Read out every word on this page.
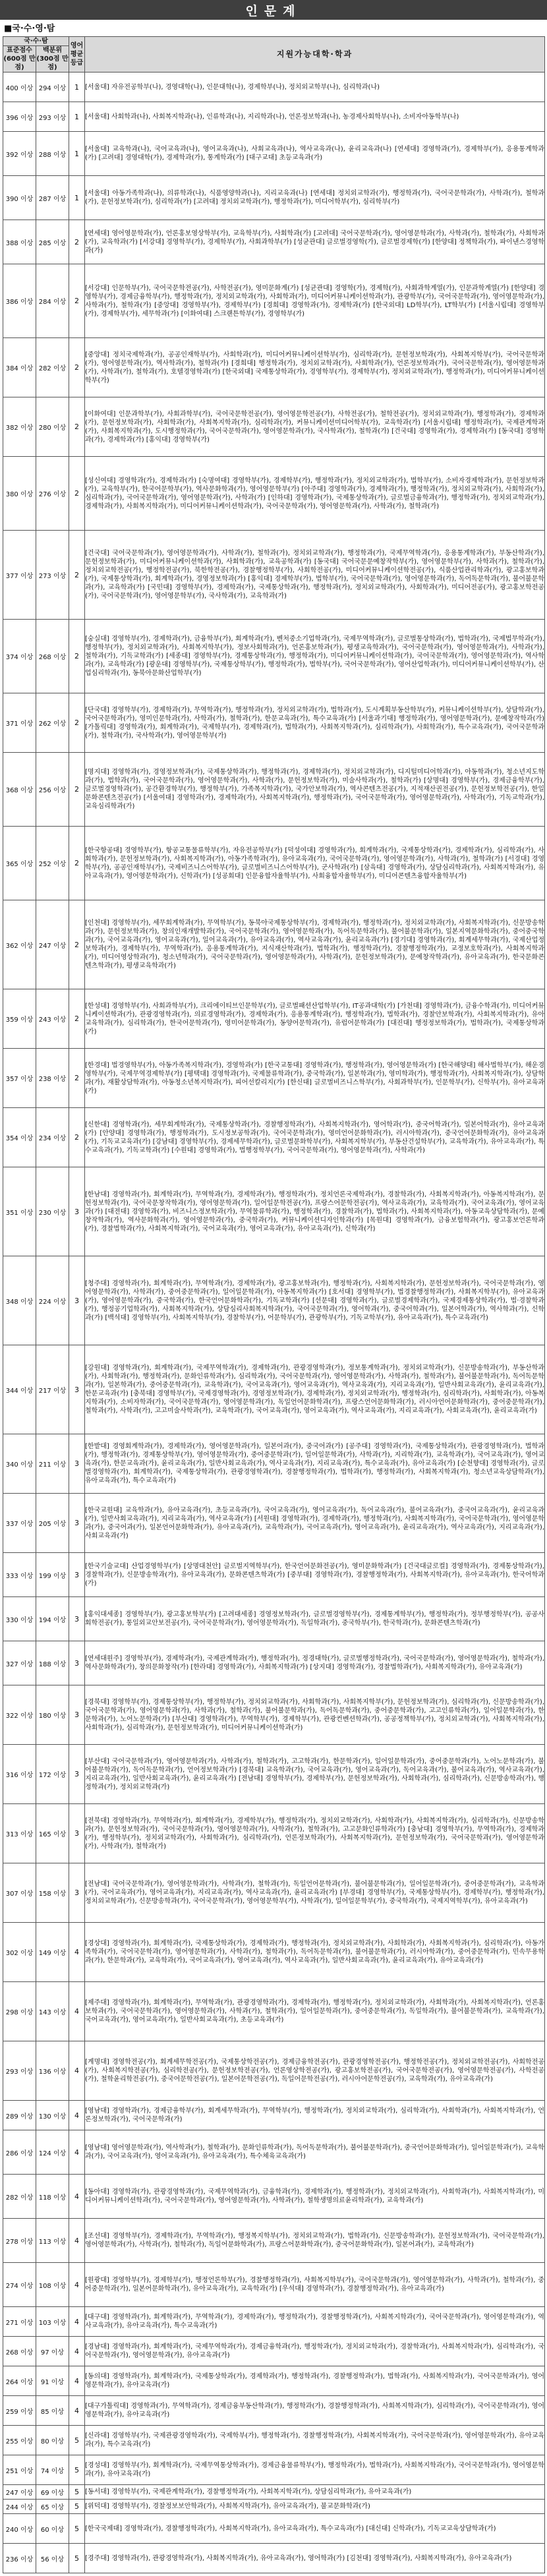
인문계
■국·수·영·탐
국·수·탐		영어
평균
등급	지원가능대학·학과

표준점수
(600점 만점)	백분위
(300점 만점)		

400 이상	294 이상	1	[서울대] 자유전공학부(나), 경영대학(나), 인문대학(나), 경제학부(나), 정치외교학부(나), 심리학과(나)
396 이상	293 이상	1	[서울대] 사회학과(나), 사회복지학과(나), 인류학과(나), 지리학과(나), 언론정보학과(나), 농경제사회학부(나), 소비자아동학부(나)
392 이상	288 이상	1	[서울대] 교육학과(나), 국어교육과(나), 영어교육과(나), 사회교육과(나), 역사교육과(나), 윤리교육과(나) [연세대] 경영학과(가), 경제학부(가), 응용통계학과(가) [고려대] 경영대학(가), 경제학과(가), 통계학과(가) [대구교대] 초등교육과(가)
390 이상	287 이상	1	[서울대] 아동가족학과(나), 의류학과(나), 식품영양학과(나), 지리교육과(나) [연세대] 정치외교학과(가), 행정학과(가), 국어국문학과(가), 사학과(가), 철학과(가), 문헌정보학과(가), 심리학과(가) [고려대] 정치외교학과(가), 행정학과(가), 미디어학부(가), 심리학부(가)
388 이상	285 이상	2	[연세대] 영어영문학과(가), 언론홍보영상학부(가), 교육학부(가), 사회학과(가) [고려대] 국어국문학과(가), 영어영문학과(가), 사학과(가), 철학과(가), 사회학과(가), 교육학과(가) [서강대] 경영학부(가), 경제학부(가), 사회과학부(가) [성균관대] 글로벌경영학(가), 글로벌경제학(가) [한양대] 정책학과(가), 파이낸스경영학과(가)
386 이상	284 이상	2	[서강대] 인문학부(가), 국어국문학전공(가), 사학전공(가), 영미문화계(가) [성균관대] 경영학(가), 경제학(가), 사회과학계열(가), 인문과학계열(가) [한양대] 경영학부(가), 경제금융학부(가), 행정학과(가), 정치외교학과(가), 사회학과(가), 미디어커뮤니케이션학과(가), 관광학부(가), 국어국문학과(가), 영어영문학과(가), 사학과(가), 철학과(가) [중앙대] 경영학부(가), 경제학부(가) [경희대] 경영학과(가), 경제학과(가) [한국외대] LD학부(가), LT학부(가) [서울시립대] 경영학부(가), 경제학부(가), 세무학과(가) [이화여대] 스크랜튼학부(가), 경영학부(가)
384 이상	282 이상	2	[중앙대] 정치국제학과(가), 공공인재학부(가), 사회학과(가), 미디어커뮤니케이션학부(가), 심리학과(가), 문헌정보학과(가), 사회복지학부(가), 국어국문학과(가), 영어영문학과(가), 역사학과(가), 철학과(가) [경희대] 행정학과(가), 정치외교학과(가), 사회학과(가), 언론정보학과(가), 국어국문학과(가), 영어영문학과(가), 사학과(가), 철학과(가), 호텔경영학과(가) [한국외대] 국제통상학과(가), 경영학부(가), 경제학부(가), 정치외교학과(가), 행정학과(가), 미디어커뮤니케이션학부(가)
382 이상	280 이상	2	[이화여대] 인문과학부(가), 사회과학부(가), 국어국문학전공(가), 영어영문학전공(가), 사학전공(가), 철학전공(가), 정치외교학과(가), 행정학과(가), 경제학과(가), 문헌정보학과(가), 사회학과(가), 사회복지학과(가), 심리학과(가), 커뮤니케이션미디어학부(가), 교육학과(가) [서울시립대] 행정학과(가), 국제관계학과(가), 사회복지학과(가), 도시행정학과(가), 국어국문학과(가), 영어영문학과(가), 국사학과(가), 철학과(가) [건국대] 경영학과(가), 경제학과(가) [동국대] 경영학과(가), 경제학과(가) [홍익대] 경영학부(가)
380 이상	276 이상	2	[성신여대] 경영학과(가), 경제학과(가) [숙명여대] 경영학부(가), 경제학부(가), 행정학과(가), 정치외교학과(가), 법학부(가), 소비자경제학과(가), 문헌정보학과(가), 교육학부(가), 한국어문학부(가), 역사문화학과(가), 영어영문학부(가) [아주대] 경영학과(가), 경제학과(가), 행정학과(가), 정치외교학과(가), 사회학과(가), 심리학과(가), 국어국문학과(가), 영어영문학과(가), 사학과(가) [인하대] 경영학과(가), 국제통상학과(가), 글로벌금융학과(가), 행정학과(가), 정치외교학과(가), 경제학과(가), 사회복지학과(가), 미디어커뮤니케이션학과(가), 국어국문학과(가), 영어영문학과(가), 사학과(가), 철학과(가)
377 이상	273 이상	2	[건국대] 국어국문학과(가), 영어영문학과(가), 사학과(가), 철학과(가), 정치외교학과(가), 행정학과(가), 국제무역학과(가), 응용통계학과(가), 부동산학과(가), 문헌정보학과(가), 미디어커뮤니케이션학과(가), 사회학과(가), 교육공학과(가) [동국대] 국어국문문예창작학부(가), 영어영문학부(가), 사학과(가), 철학과(가), 정치외교학전공(가), 행정학전공(가), 북한학전공(가), 경찰행정학부(가), 사회학전공(가), 미디어커뮤니케이션학전공(가), 식품산업관리학과(가), 광고홍보학과(가), 국제통상학과(가), 회계학과(가), 경영정보학과(가) [홍익대] 경제학부(가), 법학부(가), 국어국문학과(가), 영어영문학과(가), 독어독문학과(가), 불어불문학과(가), 교육학과(가) [국민대] 경영학부(가), 경제학과(가), 국제통상학과(가), 행정학과(가), 정치외교학과(가), 사회학과(가), 미디어전공(가), 광고홍보학전공(가), 국어국문학과(가), 영어영문학부(가), 국사학과(가), 교육학과(가)
374 이상	268 이상	2	[숭실대] 경영학부(가), 경제학과(가), 금융학부(가), 회계학과(가), 벤처중소기업학과(가), 국제무역학과(가), 글로벌통상학과(가), 법학과(가), 국제법무학과(가), 행정학부(가), 정치외교학과(가), 사회복지학부(가), 정보사회학과(가), 언론홍보학과(가), 평생교육학과(가), 국어국문학과(가), 영어영문학과(가), 사학과(가), 철학과(가), 기독교학과(가) [세종대] 경영학부(가), 경제통상학과(가), 행정학과(가), 미디어커뮤니케이션학과(가), 국어국문학과(가), 영어영문학과(가), 역사학과(가), 교육학과(가) [광운대] 경영학부(가), 국제통상학부(가), 행정학과(가), 법학부(가), 국어국문학과(가), 영어산업학과(가), 미디어커뮤니케이션학부(가), 산업심리학과(가), 동북아문화산업학부(가)
371 이상	262 이상	2	[단국대] 경영학부(가), 경제학과(가), 무역학과(가), 행정학과(가), 정치외교학과(가), 법학과(가), 도시계획부동산학부(가), 커뮤니케이션학부(가), 상담학과(가), 국어국문학과(가), 영미인문학과(가), 사학과(가), 철학과(가), 한문교육과(가), 특수교육과(가) [서울과기대] 행정학과(가), 영어영문학과(가), 문예창작학과(가) [가톨릭대] 경영학과(가), 회계학과(가), 국제학부(가), 경제학과(가), 법학과(가), 사회복지학과(가), 심리학과(가), 사회학과(가), 특수교육과(가), 국어국문학과(가), 철학과(가), 국사학과(가), 영어영문학부(가)
368 이상	256 이상	2	[명지대] 경영학과(가), 경영정보학과(가), 국제통상학과(가), 행정학과(가), 경제학과(가), 정치외교학과(가), 디지털미디어학과(가), 아동학과(가), 청소년지도학과(가), 법학과(가), 국어국문학과(가), 영어영문학과(가), 사학과(가), 문헌정보학과(가), 미술사학과(가), 철학과(가) [상명대] 경영학부(가), 경제금융학부(가), 글로벌경영학과(가), 공간환경학부(가), 행정학부(가), 가족복지학과(가), 국가안보학과(가), 역사콘텐츠전공(가), 지적재산권전공(가), 문헌정보학전공(가), 한일문화콘텐츠전공(가) [서울여대] 경영학과(가), 경제학과(가), 사회복지학과(가), 행정학과(가), 국어국문학과(가), 영어영문학과(가), 사학과(가), 기독교학과(가), 교육심리학과(가)
365 이상	252 이상	2	[한국항공대] 경영학부(가), 항공교통물류학부(가), 자유전공학부(가) [덕성여대] 경영학과(가), 회계학과(가), 국제통상학과(가), 경제학과(가), 심리학과(가), 사회학과(가), 문헌정보학과(가), 사회복지학과(가), 아동가족학과(가), 유아교육과(가), 국어국문학과(가), 영어영문학과(가), 사학과(가), 철학과(가) [서경대] 경영학부(가), 공공인재학부(가), 국제비즈니스어학부(가), 글로벌비즈니스어학부(가), 군사학과(가) [삼육대] 경영학과(가), 상담심리학과(가), 사회복지학과(가), 유아교육과(가), 영어영문학과(가), 신학과(가) [성공회대] 인문융합자율학부(가), 사회융합자율학부(가), 미디어콘텐츠융합자율학부(가)
362 이상	247 이상	2	[인천대] 경영학부(가), 세무회계학과(가), 무역학부(가), 동북아국제통상학부(가), 경제학과(가), 행정학과(가), 정치외교학과(가), 사회복지학과(가), 신문방송학과(가), 문헌정보학과(가), 창의인재개발학과(가), 국어국문학과(가), 영어영문학과(가), 독어독문학과(가), 불어불문학과(가), 일본지역문화학과(가), 중어중국학과(가), 국어교육과(가), 영어교육과(가), 일어교육과(가), 유아교육과(가), 역사교육과(가), 윤리교육과(가) [경기대] 경영학과(가), 회계세무학과(가), 국제산업정보학과(가), 경제학부(가), 무역학과(가), 응용통계학과(가), 지식재산학과(가), 법학과(가), 행정학과(가), 경찰행정학과(가), 교정보호학과(가), 사회복지학과(가), 미디어영상학과(가), 청소년학과(가), 국어국문학과(가), 영어영문학과(가), 사학과(가), 문헌정보학과(가), 문예창작학과(가), 유아교육과(가), 한국문화콘텐츠학과(가), 평생교육학과(가)
359 이상	243 이상	2	[한성대] 경영학부(가), 사회과학부(가), 크리에이티브인문학부(가), 글로벌패션산업학부(가), IT공과대학(가) [가천대] 경영학과(가), 금융수학과(가), 미디어커뮤니케이션학과(가), 관광경영학과(가), 의료경영학과(가), 경제학과(가), 응용통계학과(가), 행정학과(가), 법학과(가), 경찰안보학과(가), 사회복지학과(가), 유아교육학과(가), 심리학과(가), 한국어문학과(가), 영미어문학과(가), 동양어문학과(가), 유럽어문학과(가) [대진대] 행정정보학과(가), 법학과(가), 국제통상학과(가)
357 이상	238 이상	2	[한경대] 법경영학부(가), 아동가족복지학과(가), 경영학과(가) [한국교통대] 경영학과(가), 행정학과(가), 영어영문학과(가) [한국해양대] 해사법학부(가), 해운경영학부(가), 국제무역경제학부(가) [평택대] 경영학과(가), 국제물류학과(가), 중국학과(가), 일본학과(가), 영미학과(가), 행정학과(가), 사회복지학과(가), 상담학과(가), 재활상담학과(가), 아동청소년복지학과(가), 피어선칼리지(가) [한신대] 글로벌비즈니스학부(가), 사회과학부(가), 인문학부(가), 신학부(가), 유아교육과(가)
354 이상	234 이상	2	[신한대] 경영학과(가), 세무회계학과(가), 국제통상학과(가), 경찰행정학과(가), 사회복지학과(가), 영어학과(가), 중국어학과(가), 일본어학과(가), 유아교육과(가) [안양대] 경영학과(가), 행정학과(가), 도시정보공학과(가), 국어국문학과(가), 영미언어문화학과(가), 러시아학과(가), 중국언어문화학과(가), 유아교육과(가), 기독교교육과(가) [강남대] 경영학부(가), 경제세무학과(가), 글로벌문화학부(가), 사회복지학부(가), 부동산건설학부(가), 교육학과(가), 유아교육과(가), 특수교육과(가), 기독교학과(가) [수원대] 경영학과(가), 법행정학부(가), 국어국문학과(가), 영어영문학과(가), 사학과(가)
351 이상	230 이상	3	[한남대] 경영학과(가), 회계학과(가), 무역학과(가), 경제학과(가), 행정학과(가), 정치언론국제학과(가), 경찰학과(가), 사회복지학과(가), 아동복지학과(가), 문헌정보학과(가), 국어국문창작학과(가), 영어영문학과(가), 일어일문학전공(가), 프랑스어문학전공(가), 역사교육과(가), 교육학과(가), 국어교육과(가), 영어교육과(가) [대전대] 경영학과(가), 비즈니스정보학과(가), 무역물류학과(가), 행정학과(가), 경찰학과(가), 법학과(가), 사회복지학과(가), 아동교육상담학과(가), 문예창작학과(가), 역사문화학과(가), 영어영문학과(가), 중국학과(가), 커뮤니케이션디자인학과(가) [목원대] 경영학과(가), 금융보험학과(가), 광고홍보언론학과(가), 경찰법학과(가), 사회복지학과(가), 국어교육과(가), 영어교육과(가), 유아교육과(가), 신학과(가)
348 이상	224 이상	3	[청주대] 경영학과(가), 회계학과(가), 무역학과(가), 경제학과(가), 광고홍보학과(가), 행정학과(가), 사회복지학과(가), 문헌정보학과(가), 국어국문학과(가), 영어영문학과(가), 사학과(가), 중어중문학과(가), 일어일문학과(가), 아동복지학과(가) [호서대] 경영학부(가), 법경찰행정학과(가), 사회복지학부(가), 유아교육과(가), 영어영문학과(가), 중국학과(가), 한국언어문화학과(가), 기독교학과(가) [선문대] 경영학과(가), 글로벌경제학과(가), 국제경제통상학과(가), 법·경찰학과(가), 행정공기업학과(가), 사회복지학과(가), 상담심리사회복지학과(가), 국어국문학과(가), 영어학과(가), 중국어학과(가), 일본어학과(가), 역사학과(가), 신학과(가) [백석대] 경영학부(가), 사회복지학부(가), 경찰학부(가), 어문학부(가), 관광학부(가), 기독교학부(가), 유아교육과(가), 특수교육과(가)
344 이상	217 이상	3	[강원대] 경영학과(가), 회계학과(가), 국제무역학과(가), 경제학과(가), 관광경영학과(가), 정보통계학과(가), 정치외교학과(가), 신문방송학과(가), 부동산학과(가), 사회학과(가), 행정학과(가), 문화인류학과(가), 심리학과(가), 국어국문학과(가), 영어영문학과(가), 사학과(가), 철학과(가), 불어불문학과(가), 독어독문학과(가), 일본학과(가), 중어중문학과(가), 교육학과(가), 국어교육과(가), 영어교육과(가), 역사교육과(가), 지리교육과(가), 일반사회교육과(가), 윤리교육과(가), 한문교육과(가) [충북대] 경영학부(가), 국제경영학과(가), 경영정보학과(가), 경제학과(가), 정치외교학과(가), 행정학과(가), 심리학과(가), 사회학과(가), 아동복지학과(가), 소비자학과(가), 국어국문학과(가), 영어영문학과(가), 독일언어문화학과(가), 프랑스언어문화학과(가), 러시아언어문화학과(가), 중어중문학과(가), 철학과(가), 사학과(가), 고고미술사학과(가), 교육학과(가), 국어교육과(가), 영어교육과(가), 역사교육과(가), 지리교육과(가), 사회교육과(가), 윤리교육과(가)
340 이상	211 이상	3	[한밭대] 경영회계학과(가), 경제학과(가), 영어영문학과(가), 일본어과(가), 중국어과(가) [공주대] 경영학과(가), 국제통상학과(가), 관광경영학과(가), 법학과(가), 행정학과(가), 경제통상학부(가), 영어영문학과(가), 중어중문학과(가), 일어일문학과(가), 사학과(가), 지리학과(가), 교육학과(가), 국어교육과(가), 영어교육과(가), 한문교육과(가), 윤리교육과(가), 일반사회교육과(가), 역사교육과(가), 지리교육과(가), 특수교육과(가), 유아교육과(가) [순천향대] 경영학과(가), 글로벌경영학과(가), 회계학과(가), 국제통상학과(가), 관광경영학과(가), 경찰행정학과(가), 법학과(가), 행정학과(가), 사회복지학과(가), 청소년교육상담학과(가), 유아교육과(가), 특수교육과(가)
337 이상	205 이상	3	[한국교원대] 교육학과(가), 유아교육과(가), 초등교육과(가), 국어교육과(가), 영어교육과(가), 독어교육과(가), 불어교육과(가), 중국어교육과(가), 윤리교육과(가), 일반사회교육과(가), 지리교육과(가), 역사교육과(가) [서원대] 경영학과(가), 경제학과(가), 행정학과(가), 사회복지학과(가), 국어국문학과(가), 영어영문학과(가), 중국어과(가), 일본언어문화학과(가), 유아교육과(가), 교육학과(가), 국어교육과(가), 영어교육과(가), 윤리교육과(가), 역사교육과(가), 지리교육과(가), 사회교육과(가)
333 이상	199 이상	3	[한국기술교대] 산업경영학부(가) [상명대천안] 글로벌지역학부(가), 한국언어문화전공(가), 영미문화학과(가) [건국대글로컬] 경영학과(가), 경제통상학과(가), 경찰학과(가), 신문방송학과(가), 유아교육과(가), 문화콘텐츠학과(가) [중부대] 경영학과(가), 경찰행정학과(가), 사회복지학과(가), 유아교육과(가), 한국어학과(가)
330 이상	194 이상	3	[홍익대세종] 경영학부(가), 광고홍보학부(가) [고려대세종] 경영정보학과(가), 글로벌경영학부(가), 경제통계학부(가), 행정학과(가), 정부행정학부(가), 공공사회학전공(가), 통일외교안보전공(가), 국어국문학과(가), 영어영문학과(가), 독일학과(가), 중국학부(가), 한국학과(가), 문화콘텐츠학과(가)
327 이상	188 이상	3	[연세대원주] 경영학부(가), 경제학과(가), 국제관계학과(가), 행정학과(가), 정경대학(가), 글로벌행정학과(가), 국어국문학과(가), 영어영문학과(가), 철학과(가), 역사문화학과(가), 창의문화창작(가) [한라대] 경영학과(가), 사회복지학과(가) [상지대] 경영학과(가), 경찰법학과(가), 사회복지학과(가), 유아교육과(가)
322 이상	180 이상	3	[경북대] 경영학부(가), 경제통상학부(가), 행정학부(가), 정치외교학과(가), 사회학과(가), 사회복지학부(가), 문헌정보학과(가), 심리학과(가), 신문방송학과(가), 국어국문학과(가), 영어영문학과(가), 사학과(가), 철학과(가), 불어불문학과(가), 독어독문학과(가), 중어중문학과(가), 고고인류학과(가), 일어일문학과(가), 한문학과(가), 노어노문학과(가) [부산대] 경영학과(가), 무역학부(가), 경제학부(가), 관광컨벤션학과(가), 공공정책학부(가), 정치외교학과(가), 사회복지학과(가), 사회학과(가), 심리학과(가), 문헌정보학과(가), 미디어커뮤니케이션학과(가)
316 이상	172 이상	3	[부산대] 국어국문학과(가), 영어영문학과(가), 사학과(가), 철학과(가), 고고학과(가), 한문학과(가), 일어일문학과(가), 중어중문학과(가), 노어노문학과(가), 불어불문학과(가), 독어독문학과(가), 언어정보학과(가) [경북대] 교육학과(가), 국어교육과(가), 영어교육과(가), 독어교육과(가), 불어교육과(가), 역사교육과(가), 지리교육과(가), 일반사회교육과(가), 윤리교육과(가) [전남대] 경영학부(가), 경제학부(가), 문헌정보학과(가), 사회학과(가), 심리학과(가), 신문방송학과(가), 행정학과(가), 정치외교학과(가)
313 이상	165 이상	3	[전북대] 경영학과(가), 무역학과(가), 회계학과(가), 경제학부(가), 행정학과(가), 정치외교학과(가), 사회학과(가), 사회복지학과(가), 심리학과(가), 신문방송학과(가), 문헌정보학과(가), 국어국문학과(가), 영어영문학과(가), 사학과(가), 철학과(가), 고고문화인류학과(가) [충남대] 경영학부(가), 무역학과(가), 경제학과(가), 행정학부(가), 정치외교학과(가), 사회학과(가), 심리학과(가), 언론정보학과(가), 사회복지학과(가), 문헌정보학과(가), 국어국문학과(가), 영어영문학과(가), 사학과(가), 철학과(가)
307 이상	158 이상	3	[전남대] 국어국문학과(가), 영어영문학과(가), 사학과(가), 철학과(가), 독일언어문학과(가), 불어불문학과(가), 일어일문학과(가), 중어중문학과(가), 교육학과(가), 국어교육과(가), 영어교육과(가), 지리교육과(가), 역사교육과(가), 윤리교육과(가) [부경대] 경영학부(가), 국제통상학부(가), 경제학부(가), 행정학과(가), 정치외교학과(가), 신문방송학과(가), 국어국문학과(가), 영어영문학부(가), 사학과(가), 일어일문학부(가), 중국학과(가), 국제지역학부(가), 유아교육과(가)
302 이상	149 이상	4	[경상대] 경영학과(가), 회계학과(가), 국제통상학과(가), 경제학과(가), 행정학과(가), 정치외교학과(가), 사회학과(가), 사회복지학과(가), 심리학과(가), 아동가족학과(가), 국어국문학과(가), 영어영문학과(가), 사학과(가), 철학과(가), 독어독문학과(가), 불어불문학과(가), 러시아학과(가), 중어중문학과(가), 민속무용학과(가), 한문학과(가), 교육학과(가), 국어교육과(가), 영어교육과(가), 역사교육과(가), 일반사회교육과(가), 윤리교육과(가), 유아교육과(가)
298 이상	143 이상	4	[제주대] 경영학과(가), 회계학과(가), 무역학과(가), 관광경영학과(가), 경제학과(가), 행정학과(가), 정치외교학과(가), 사회학과(가), 사회복지학과(가), 언론홍보학과(가), 국어국문학과(가), 영어영문학과(가), 사학과(가), 철학과(가), 일어일문학과(가), 중어중문학과(가), 독일학과(가), 불어불문학과(가), 교육학과(가), 국어교육과(가), 영어교육과(가), 일반사회교육과(가), 초등교육과(가)
293 이상	136 이상	4	[계명대] 경영학전공(가), 회계세무학전공(가), 국제통상학전공(가), 경제금융학전공(가), 관광경영학전공(가), 행정학전공(가), 정치외교학전공(가), 사회학전공(가), 사회복지학전공(가), 심리학전공(가), 문헌정보학전공(가), 언론영상학전공(가), 광고홍보학전공(가), 국어국문학전공(가), 영어영문학전공(가), 사학전공(가), 철학윤리학전공(가), 중국어문학전공(가), 일본어문학전공(가), 독일어문학전공(가), 러시아어문학전공(가), 교육학과(가), 유아교육과(가)
289 이상	130 이상	4	[영남대] 경영학과(가), 경제금융학부(가), 회계세무학과(가), 무역학부(가), 행정학과(가), 정치외교학과(가), 심리학과(가), 사회학과(가), 사회복지학과(가), 언론정보학과(가), 국어국문학과(가)
286 이상	124 이상	4	[영남대] 영어영문학과(가), 역사학과(가), 철학과(가), 문화인류학과(가), 독어독문학과(가), 불어불문학과(가), 중국언어문화학과(가), 일어일문학과(가), 교육학과(가), 국어교육과(가), 영어교육과(가), 유아교육과(가), 특수체육교육과(가)
282 이상	118 이상	4	[동아대] 경영학과(가), 관광경영학과(가), 국제무역학과(가), 금융학과(가), 경제학과(가), 행정학과(가), 정치외교학과(가), 사회학과(가), 사회복지학과(가), 미디어커뮤니케이션학과(가), 국어국문학과(가), 영어영문학과(가), 사학과(가), 철학생명의료윤리학과(가), 교육학과(가)
278 이상	113 이상	4	[조선대] 경영학부(가), 경제학과(가), 무역학과(가), 행정복지학부(가), 정치외교학과(가), 법학과(가), 신문방송학과(가), 문헌정보학과(가), 국어국문학과(가), 영어영문학과(가), 사학과(가), 철학과(가), 독일어문화학과(가), 프랑스어문화학과(가), 중국어문화학과(가), 일본어과(가), 교육학과(가)
274 이상	108 이상	4	[원광대] 경영학부(가), 경제학부(가), 행정언론학부(가), 경찰행정학과(가), 사회복지학부(가), 국어국문학과(가), 영어영문학과(가), 사학과(가), 철학과(가), 중어중문학과(가), 일본어문화학과(가), 유아교육과(가), 교육학과(가) [우석대] 경영학과(가), 경찰행정학과(가), 유아교육과(가)
271 이상	103 이상	4	[대구대] 경영학과(가), 회계학과(가), 무역학과(가), 경제학과(가), 행정학과(가), 경찰행정학과(가), 사회복지학과(가), 국어국문학과(가), 영어영문학과(가), 역사교육과(가), 유아교육과(가), 특수교육과(가)
268 이상	97 이상	4	[경남대] 경영학과(가), 회계학과(가), 국제무역학과(가), 경제금융학과(가), 행정학과(가), 정치외교학과(가), 경찰학과(가), 사회복지학과(가), 심리학과(가), 국어국문학과(가), 영어영문학과(가), 유아교육과(가)
264 이상	91 이상	4	[동의대] 경영학과(가), 회계학과(가), 국제통상학과(가), 경제학과(가), 행정학과(가), 경찰행정학과(가), 법학과(가), 사회복지학과(가), 국어국문학과(가), 영어영문학과(가), 유아교육과(가)
259 이상	85 이상	4	[대구가톨릭대] 경영학과(가), 무역학과(가), 경제금융부동산학과(가), 행정학과(가), 경찰행정학과(가), 사회복지학과(가), 심리학과(가), 국어국문학과(가), 영어영문학과(가), 유아교육과(가)
255 이상	80 이상	5	[신라대] 경영학부(가), 국제관광경영학과(가), 국제학부(가), 행정학과(가), 경찰행정학과(가), 사회복지학과(가), 국어국문학과(가), 영어영문학과(가), 유아교육과(가), 특수교육과(가)
251 이상	74 이상	5	[경성대] 경영학부(가), 회계학과(가), 국제무역통상학과(가), 경제금융물류학부(가), 행정학과(가), 법학과(가), 사회복지학과(가), 국어국문학과(가), 영어영문학과(가), 유아교육과(가)
247 이상	69 이상	5	[동서대] 경영학부(가), 국제관계학과(가), 경찰행정학과(가), 사회복지학과(가), 상담심리학과(가), 유아교육과(가)
244 이상	65 이상	5	[위덕대] 경영학부(가), 경찰정보보안학과(가), 사회복지학과(가), 유아교육과(가), 불교문화학과(가)
240 이상	60 이상	5	[한국국제대] 경영학과(가), 경찰행정학과(가), 사회복지학과(가), 유아교육과(가), 특수교육과(가) [대신대] 신학과(가), 기독교교육상담학과(가)
236 이상	56 이상	5	[경주대] 경영학과(가), 관광경영학과(가), 사회복지학과(가), 유아교육과(가), 영어학과(가) [김천대] 경영학과(가), 사회복지학과(가), 유아교육과(가)
